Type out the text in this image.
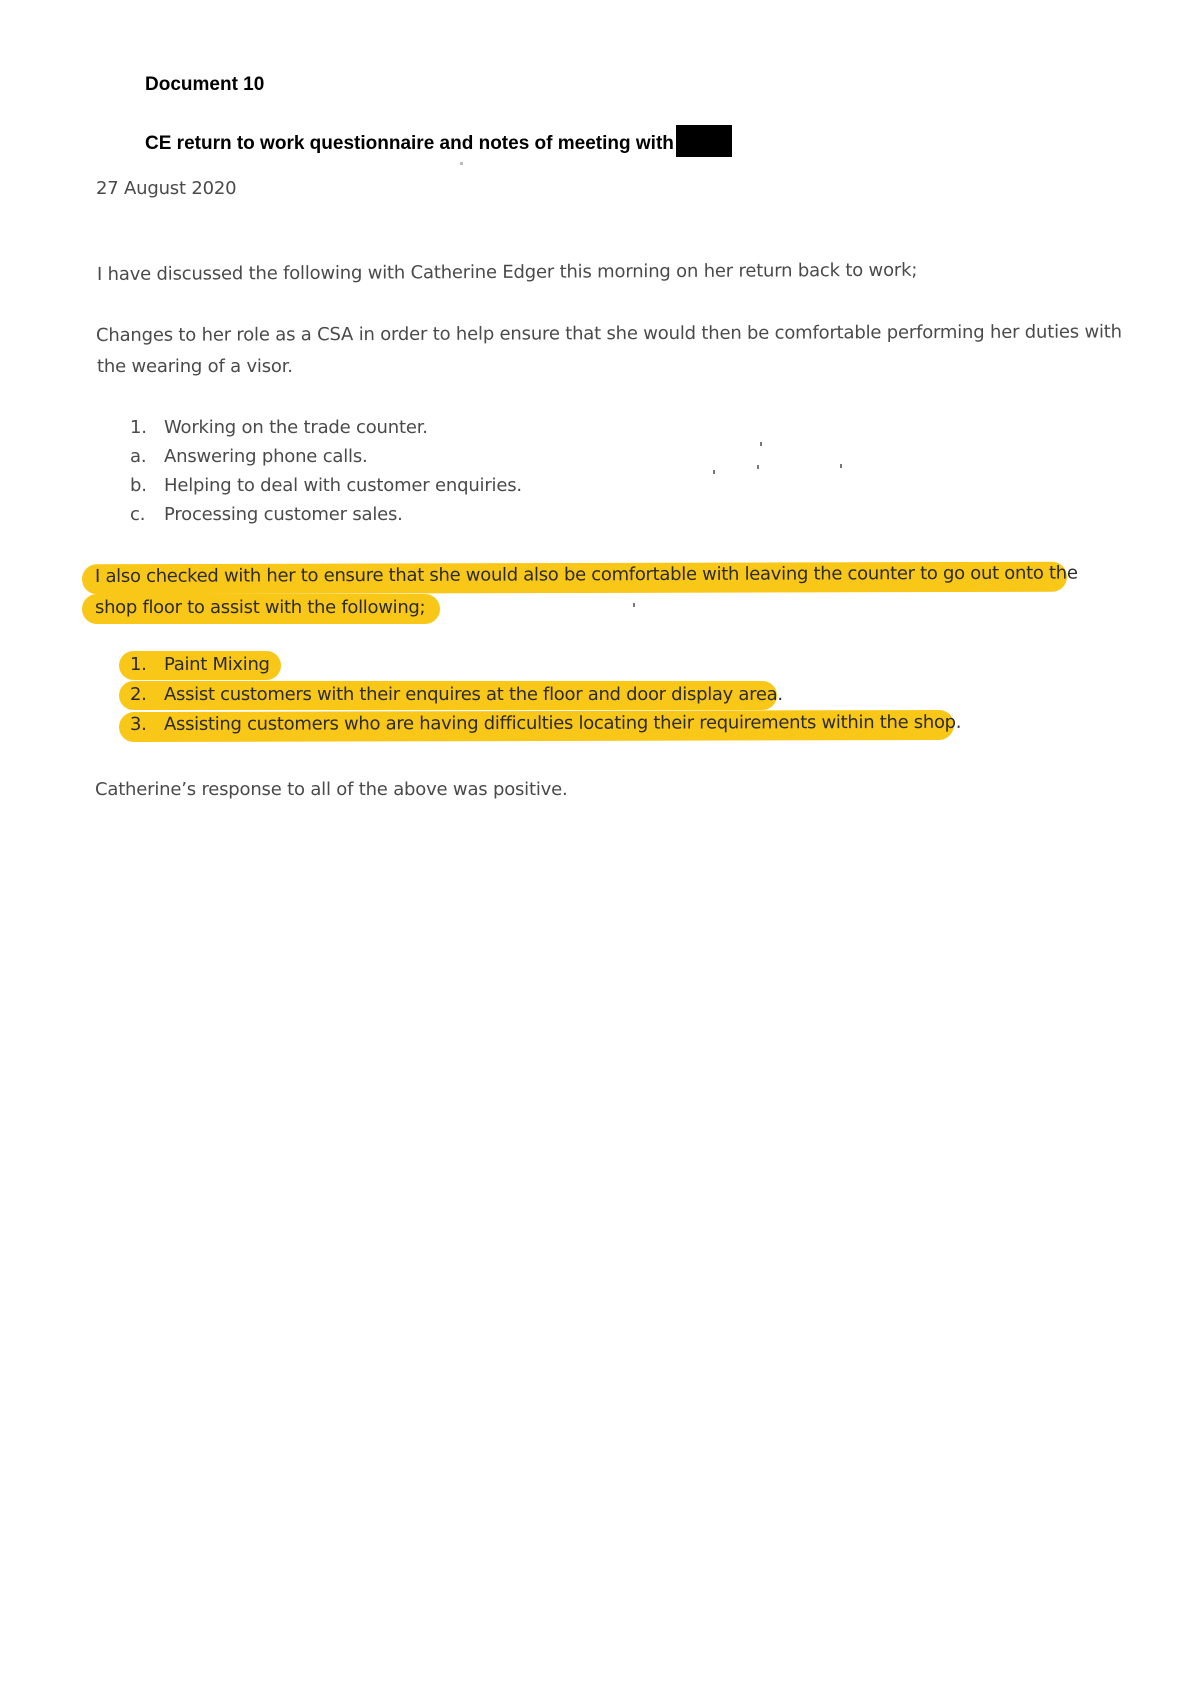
Document 10
CE return to work questionnaire and notes of meeting with
27 August 2020
I have discussed the following with Catherine Edger this morning on her return back to work;
Changes to her role as a CSA in order to help ensure that she would then be comfortable performing her duties with
the wearing of a visor.
1. Working on the trade counter.
a. Answering phone calls.
b. Helping to deal with customer enquiries.
c. Processing customer sales.
I also checked with her to ensure that she would also be comfortable with leaving the counter to go out onto the
shop floor to assist with the following;
1. Paint Mixing
2. Assist customers with their enquires at the floor and door display area.
3. Assisting customers who are having difficulties locating their requirements within the shop.
Catherine’s response to all of the above was positive.
